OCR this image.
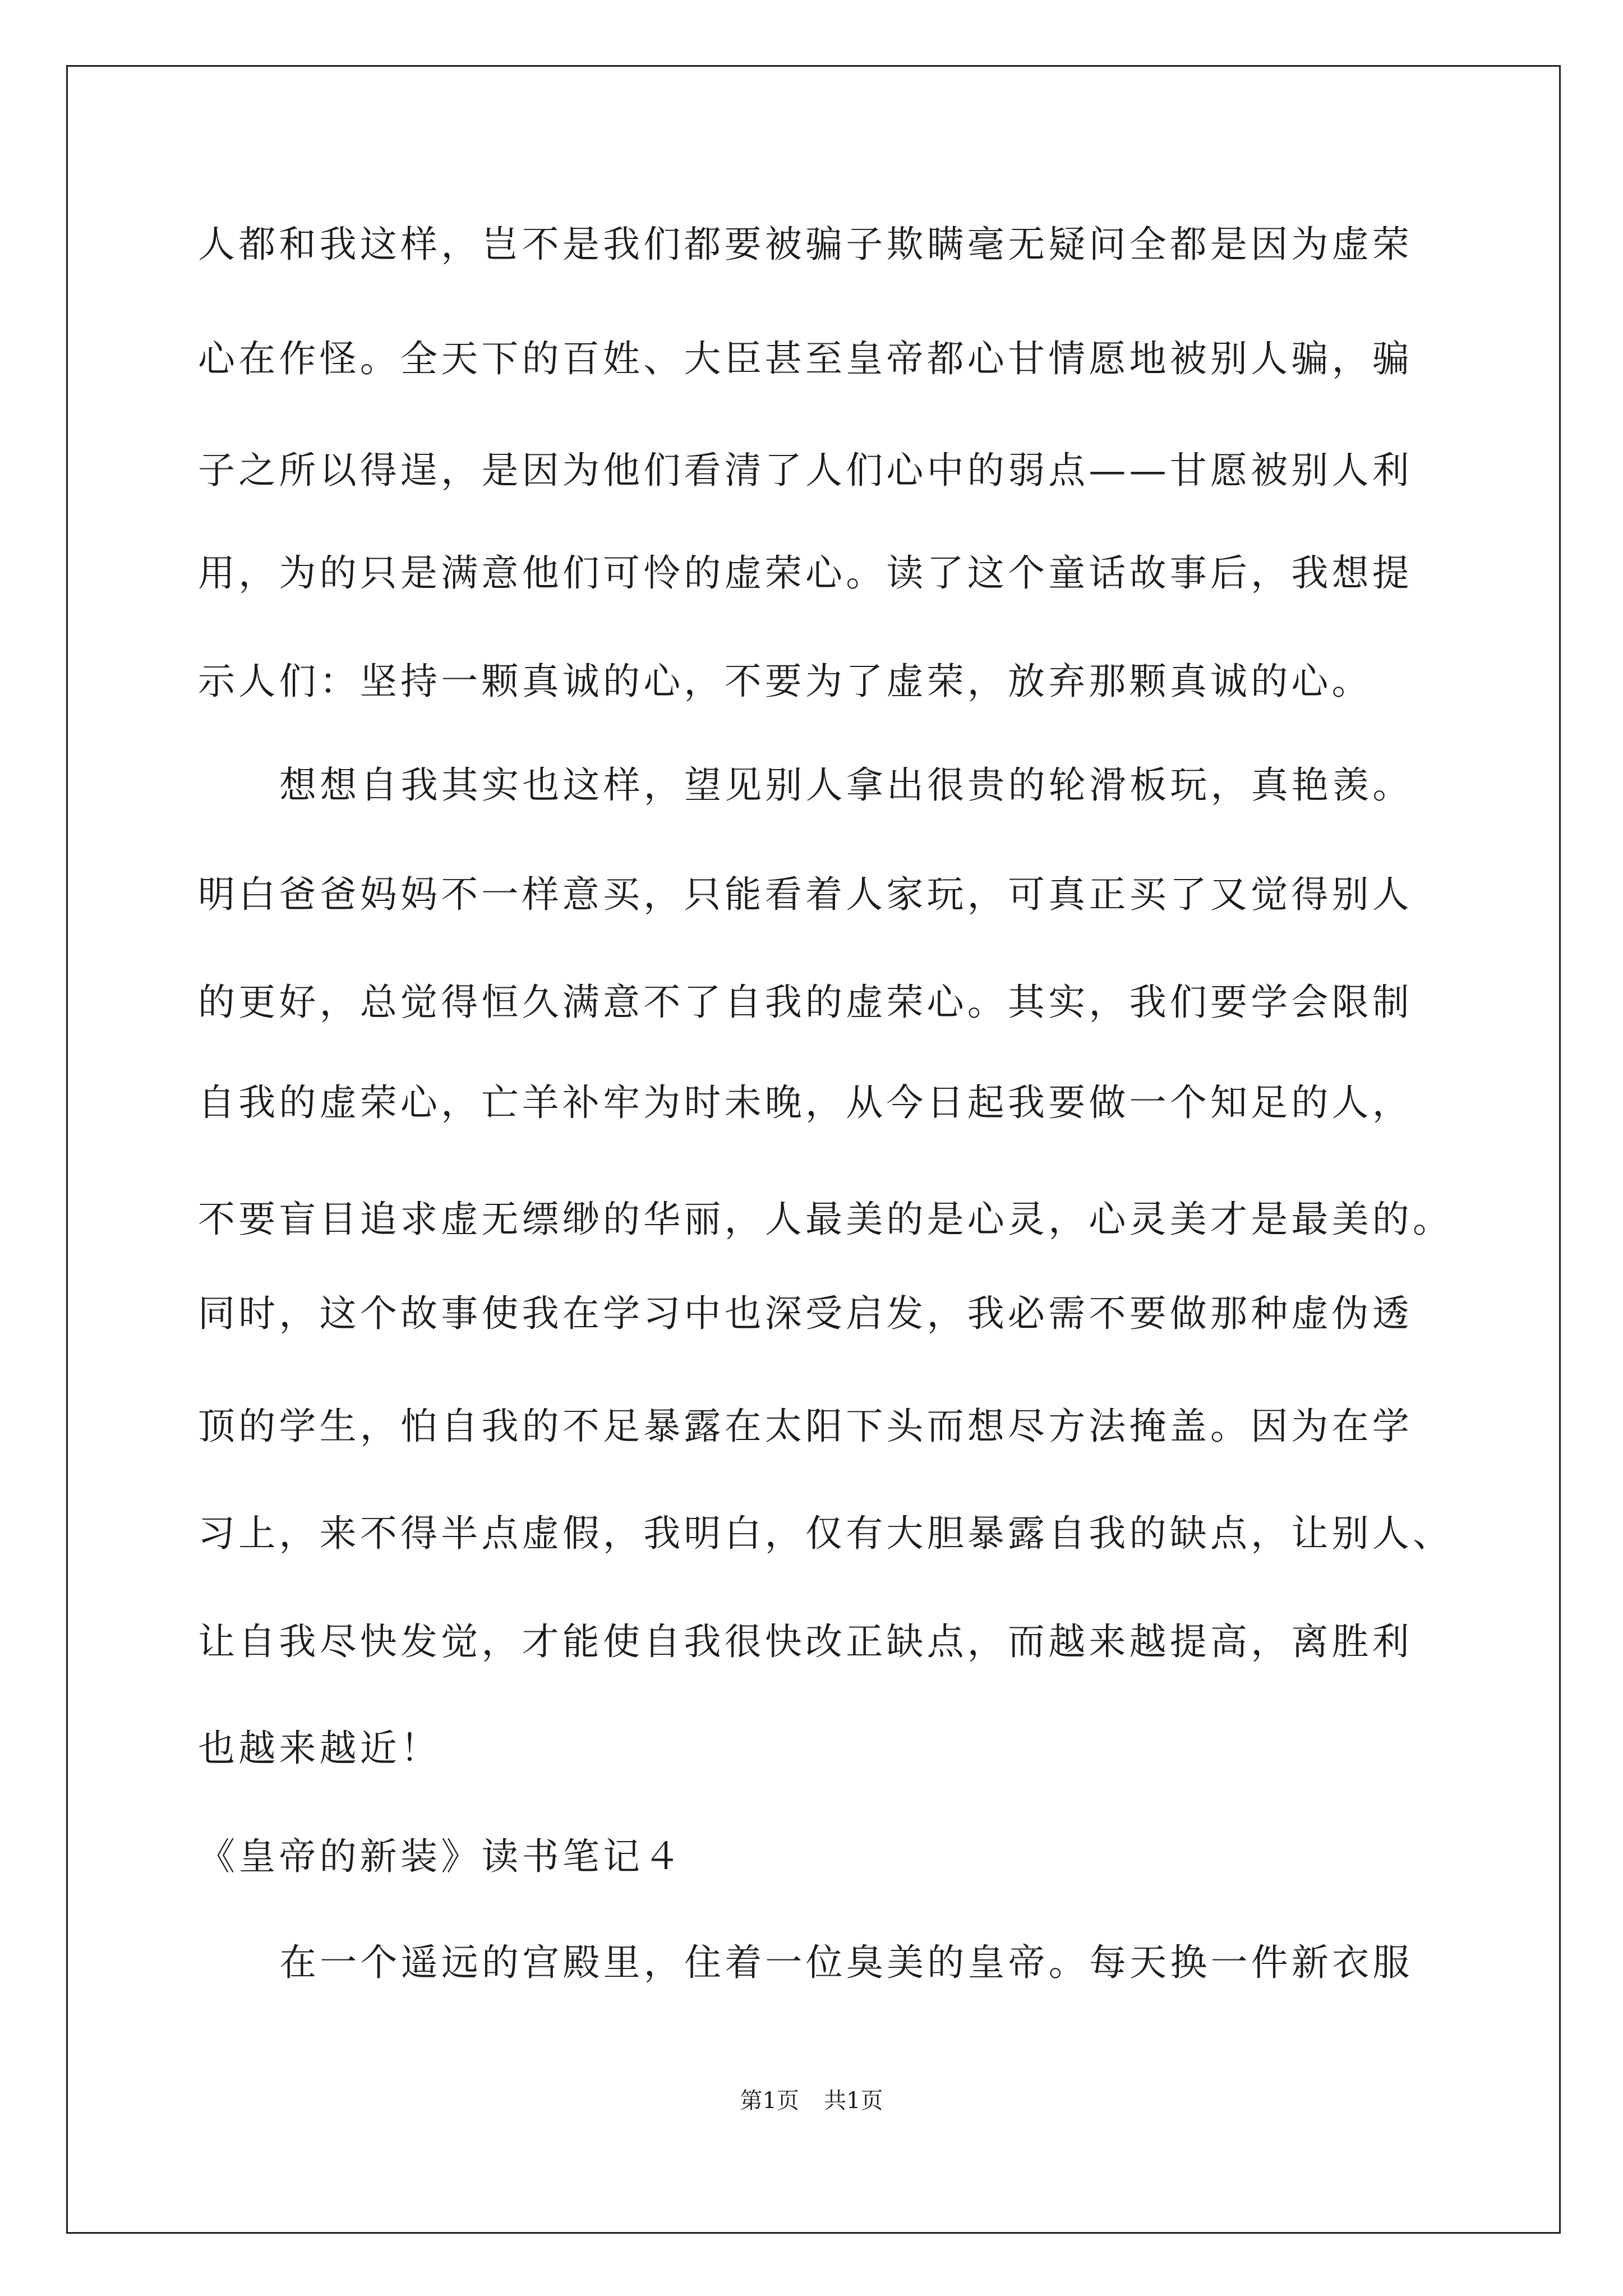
人都和我这样，岂不是我们都要被骗子欺瞒毫无疑问全都是因为虚荣
心在作怪。全天下的百姓、大臣甚至皇帝都心甘情愿地被别人骗，骗
子之所以得逞，是因为他们看清了人们心中的弱点——甘愿被别人利
用，为的只是满意他们可怜的虚荣心。读了这个童话故事后，我想提
示人们：坚持一颗真诚的心，不要为了虚荣，放弃那颗真诚的心。
想想自我其实也这样，望见别人拿出很贵的轮滑板玩，真艳羡。
明白爸爸妈妈不一样意买，只能看着人家玩，可真正买了又觉得别人
的更好，总觉得恒久满意不了自我的虚荣心。其实，我们要学会限制
自我的虚荣心，亡羊补牢为时未晚，从今日起我要做一个知足的人，
不要盲目追求虚无缥缈的华丽，人最美的是心灵，心灵美才是最美的。
同时，这个故事使我在学习中也深受启发，我必需不要做那种虚伪透
顶的学生，怕自我的不足暴露在太阳下头而想尽方法掩盖。因为在学
习上，来不得半点虚假，我明白，仅有大胆暴露自我的缺点，让别人、
让自我尽快发觉，才能使自我很快改正缺点，而越来越提高，离胜利
也越来越近！
《皇帝的新装》读书笔记４
在一个遥远的宫殿里，住着一位臭美的皇帝。每天换一件新衣服
第1页 共1页
